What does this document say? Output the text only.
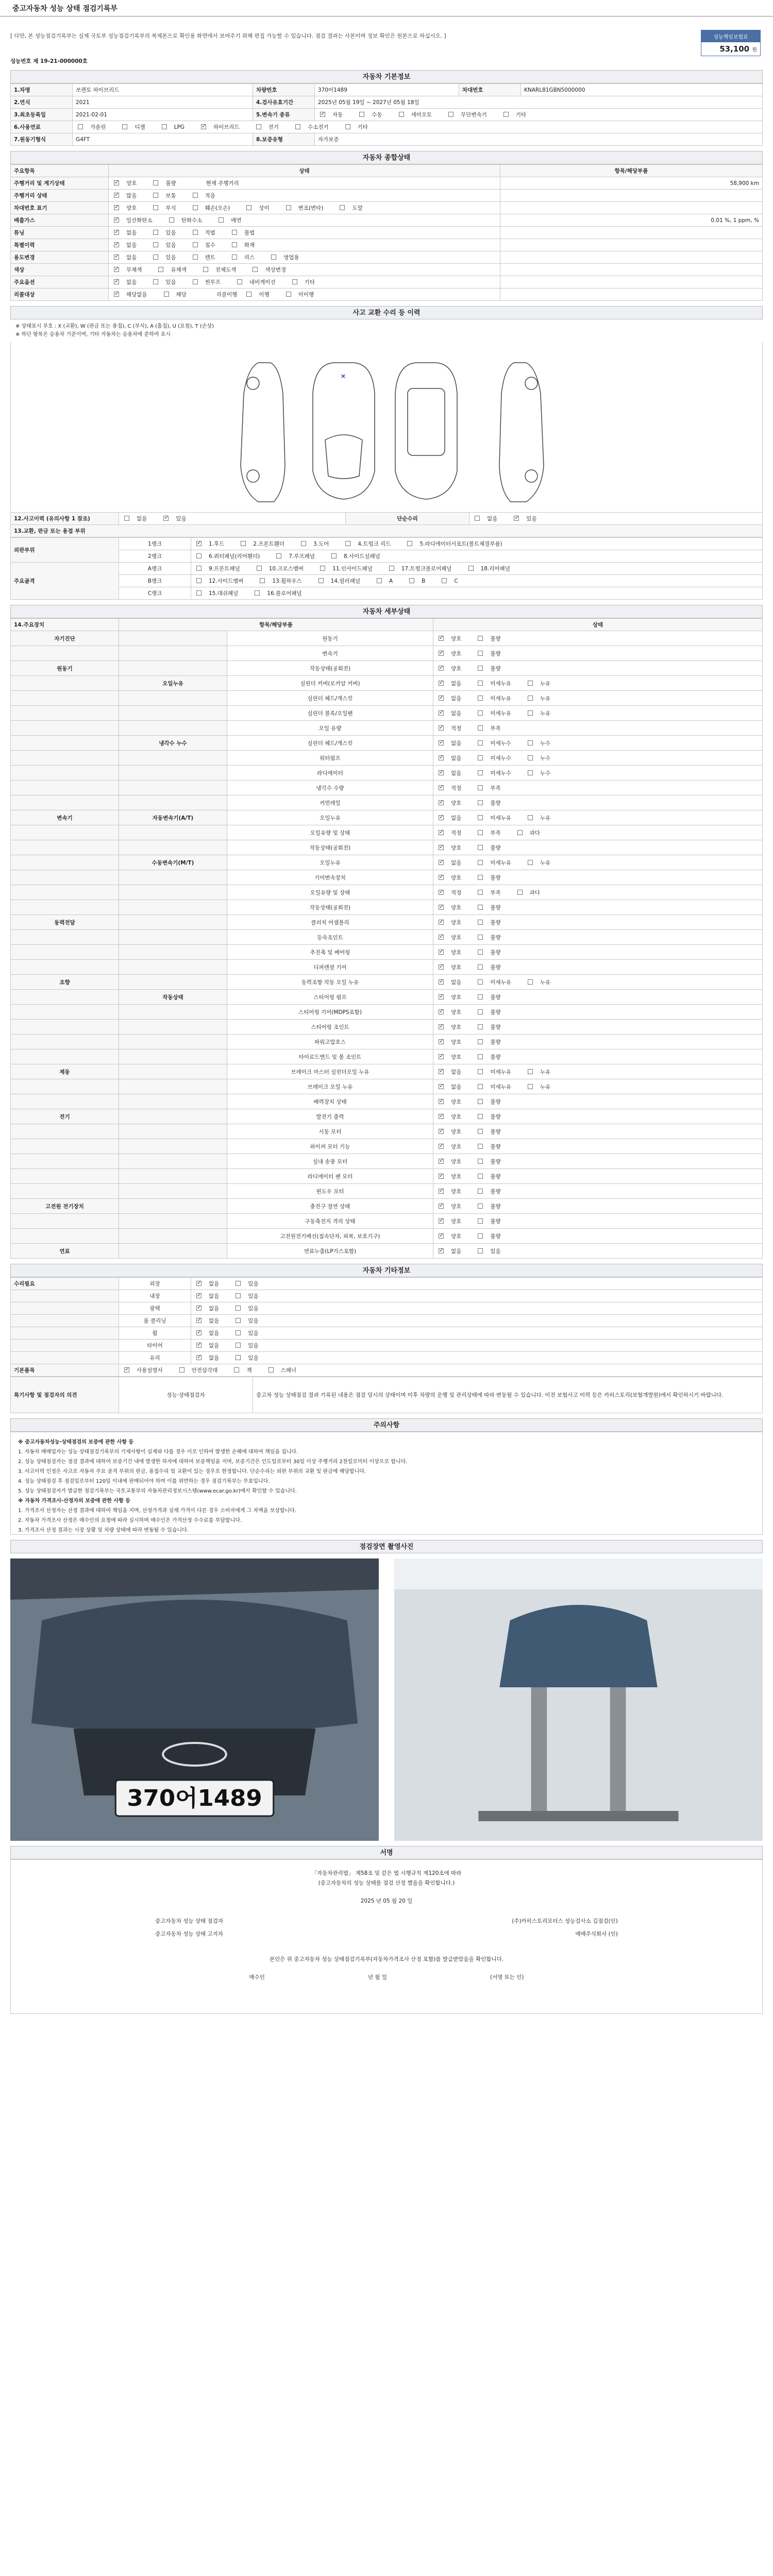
중고자동차 성능 상태 점검기록부
[ 다만, 본 성능점검기록부는 실제 국토부 성능점검기록부의 복제본으로 확인용 화면에서 보여주기 위해 편집 가능할 수 있습니다. 점검 결과는 사본이며 정보 확인은 원본으로 하십시오. ]
성능번호 제 19-21-000000호
성능책임보험료
53,100 원
자동차 기본정보
1.차명	쏘렌토 하이브리드	차량번호	370어1489	차대번호	KNARL81GBN5000000
2.연식	2021	4.검사유효기간	2025년 05월 19일 ~ 2027년 05월 18일		
3.최초등록일	2021-02-01	5.변속기 종류	✓자동 수동 세미오토 무단변속기 기타
6.사용연료	가솔린 디젤 LPG ✓ 하이브리드 전기 수소전기 기타
7.원동기형식	G4FT	8.보증유형	자가보증		
자동차 종합상태
주요항목	상태	항목/해당부품
주행거리 및 계기상태	✓양호 불량 현재 주행거리	58,900 km
주행거리 상태	✓많음 보통 적음	
차대번호 표기	✓양호 부식 훼손(오손) 상이 변조(변타) 도말	
배출가스	✓일산화탄소 탄화수소 매연	0.01 %, 1 ppm, %
튜닝	✓없음 있음 적법 불법	
특별이력	✓없음 있음 침수 화재	
용도변경	✓없음 있음 렌트 리스 영업용	
색상	✓무채색 유채색 전체도색 색상변경	
주요옵션	✓없음 있음 썬루프 네비게이션 기타	
리콜대상	✓해당없음 해당 리콜이행 이행 미이행	
사고 교환 수리 등 이력
※ 상태표시 부호 : X (교환), W (판금 또는 용접), C (부식), A (흠집), U (요철), T (손상)
※ 하단 항목은 승용차 기준이며, 기타 자동차는 승용차에 준하여 표시
×
12.사고이력 (유의사항 1 참조)	없음 ✓	있음	단순수리	없음 ✓	있음
13.교환, 판금 또는 용접 부위
외판부위	1랭크	✓1.후드 2.프론트휀더 3.도어 4.트렁크 리드 5.라디에이터서포트(볼트체결부품)
	2랭크	6.쿼터패널(리어휀더) 7.루프패널 8.사이드실패널
주요골격	A랭크	9.프론트패널 10.크로스멤버 11.인사이드패널 17.트렁크플로어패널 18.리어패널
	B랭크	12.사이드멤버 13.휠하우스 14.필러패널 A B C
	C랭크	15.대쉬패널 16.플로어패널
자동차 세부상태
14.주요장치	항목/해당부품		상태
자기진단		원동기	✓양호 불량
		변속기	✓양호 불량
원동기		작동상태(공회전)	✓양호 불량
	오일누유	실린더 커버(로커암 커버)	✓없음 미세누유 누유
		실린더 헤드/개스킷	✓없음 미세누유 누유
		실린더 블록/오일팬	✓없음 미세누유 누유
		오일 유량	✓적정 부족
	냉각수 누수	실린더 헤드/개스킷	✓없음 미세누수 누수
		워터펌프	✓없음 미세누수 누수
		라디에이터	✓없음 미세누수 누수
		냉각수 수량	✓적정 부족
		커먼레일	✓양호 불량
변속기	자동변속기(A/T)	오일누유	✓없음 미세누유 누유
		오일유량 및 상태	✓적정 부족 과다
		작동상태(공회전)	✓양호 불량
	수동변속기(M/T)	오일누유	✓없음 미세누유 누유
		기어변속장치	✓양호 불량
		오일유량 및 상태	✓적정 부족 과다
		작동상태(공회전)	✓양호 불량
동력전달		클러치 어셈블리	✓양호 불량
		등속조인트	✓양호 불량
		추진축 및 베어링	✓양호 불량
		디퍼렌셜 기어	✓양호 불량
조향		동력조향 작동 오일 누유	✓없음 미세누유 누유
	작동상태	스티어링 펌프	✓양호 불량
		스티어링 기어(MDPS포함)	✓양호 불량
		스티어링 조인트	✓양호 불량
		파워고압호스	✓양호 불량
		타이로드엔드 및 볼 조인트	✓양호 불량
제동		브레이크 마스터 실린더오일 누유	✓없음 미세누유 누유
		브레이크 오일 누유	✓없음 미세누유 누유
		배력장치 상태	✓양호 불량
전기		발전기 출력	✓양호 불량
		시동 모터	✓양호 불량
		와이퍼 모터 기능	✓양호 불량
		실내 송풍 모터	✓양호 불량
		라디에이터 팬 모터	✓양호 불량
		윈도우 모터	✓양호 불량
고전원 전기장치		충전구 절연 상태	✓양호 불량
		구동축전지 격리 상태	✓양호 불량
		고전원전기배선(접속단자, 피복, 보호기구)	✓양호 불량
연료		연료누출(LP가스포함)	✓없음 있음
자동차 기타정보
수리필요	외장	✓없음 있음
	내장	✓없음 있음
	광택	✓없음 있음
	룸 클리닝	✓없음 있음
	휠	✓없음 있음
	타이어	✓없음 있음
	유리	✓없음 있음
기본품목	✓사용설명서 안전삼각대 잭 스패너
특기사항 및 점검자의 의견	성능·상태점검자	중고차 성능 상태점검 결과 기록된 내용은 점검 당시의 상태이며 이후 차량의 운행 및 관리상태에 따라 변동될 수 있습니다. 이전 보험사고 이력 등은 카히스토리(보험개발원)에서 확인하시기 바랍니다.
주의사항

※ 중고자동차성능·상태점검의 보증에 관한 사항 등

1. 자동차 매매업자는 성능 상태점검기록부의 기재사항이 실제와 다를 경우 이로 인하여 발생한 손해에 대하여 책임을 집니다.

2. 성능 상태점검자는 점검 결과에 대하여 보증기간 내에 발생한 하자에 대하여 보증책임을 지며, 보증기간은 인도일로부터 30일 이상 주행거리 2천킬로미터 이상으로 합니다.

3. 사고이력 인정은 사고로 자동차 주요 골격 부위의 판금, 용접수리 및 교환이 있는 경우로 한정합니다. 단순수리는 외판 부위의 교환 및 판금에 해당합니다.

4. 성능 상태점검 후 점검일로부터 120일 이내에 판매되어야 하며 이를 위반하는 경우 점검기록부는 무효입니다.

5. 성능 상태점검자가 발급한 점검기록부는 국토교통부의 자동차관리정보시스템(www.ecar.go.kr)에서 확인할 수 있습니다.

※ 자동차 가격조사·산정자의 보증에 관한 사항 등

1. 가격조사 산정자는 산정 결과에 대하여 책임을 지며, 산정가격과 실제 가격이 다른 경우 소비자에게 그 차액을 보상합니다.

2. 자동차 가격조사 산정은 매수인의 요청에 따라 실시하며 매수인은 가격산정 수수료를 부담합니다.

3. 가격조사 산정 결과는 시장 상황 및 차량 상태에 따라 변동될 수 있습니다.

점검장면 촬영사진
370어1489
서명
「자동차관리법」 제58조 및 같은 법 시행규칙 제120조에 따라
(중고자동차의 성능 상태를 점검 산정 했음을 확인합니다.)
2025 년 05 월 20 일
중고자동차 성능 상태 점검자
중고자동차 성능 상태 고지자
(주)카히스토리모터스 성능검사소 김점검(인)
매매주식회사 (인)
본인은 위 중고자동차 성능 상태점검기록부(자동차가격조사 산정 포함)를 발급받았음을 확인합니다.
매수인	년 월 일	(서명 또는 인)
